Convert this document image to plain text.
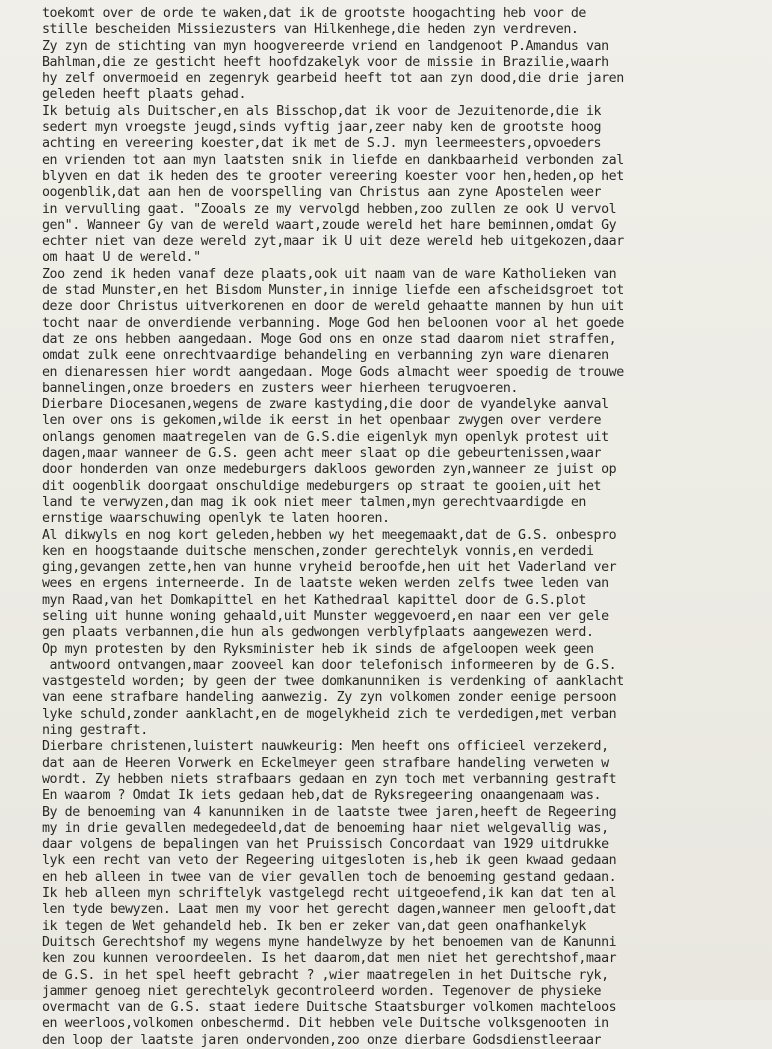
toekomt over de orde te waken,dat ik de grootste hoogachting heb voor de
stille bescheiden Missiezusters van Hilkenhege,die heden zyn verdreven.
Zy zyn de stichting van myn hoogvereerde vriend en landgenoot P.Amandus van
Bahlman,die ze gesticht heeft hoofdzakelyk voor de missie in Brazilie,waarh
hy zelf onvermoeid en zegenryk gearbeid heeft tot aan zyn dood,die drie jaren
geleden heeft plaats gehad.
Ik betuig als Duitscher,en als Bisschop,dat ik voor de Jezuitenorde,die ik
sedert myn vroegste jeugd,sinds vyftig jaar,zeer naby ken de grootste hoog
achting en vereering koester,dat ik met de S.J. myn leermeesters,opvoeders
en vrienden tot aan myn laatsten snik in liefde en dankbaarheid verbonden zal
blyven en dat ik heden des te grooter vereering koester voor hen,heden,op het
oogenblik,dat aan hen de voorspelling van Christus aan zyne Apostelen weer
in vervulling gaat. "Zooals ze my vervolgd hebben,zoo zullen ze ook U vervol
gen". Wanneer Gy van de wereld waart,zoude wereld het hare beminnen,omdat Gy
echter niet van deze wereld zyt,maar ik U uit deze wereld heb uitgekozen,daar
om haat U de wereld."
Zoo zend ik heden vanaf deze plaats,ook uit naam van de ware Katholieken van
de stad Munster,en het Bisdom Munster,in innige liefde een afscheidsgroet tot
deze door Christus uitverkorenen en door de wereld gehaatte mannen by hun uit
tocht naar de onverdiende verbanning. Moge God hen beloonen voor al het goede
dat ze ons hebben aangedaan. Moge God ons en onze stad daarom niet straffen,
omdat zulk eene onrechtvaardige behandeling en verbanning zyn ware dienaren
en dienaressen hier wordt aangedaan. Moge Gods almacht weer spoedig de trouwe
bannelingen,onze broeders en zusters weer hierheen terugvoeren.
Dierbare Diocesanen,wegens de zware kastyding,die door de vyandelyke aanval
len over ons is gekomen,wilde ik eerst in het openbaar zwygen over verdere
onlangs genomen maatregelen van de G.S.die eigenlyk myn openlyk protest uit
dagen,maar wanneer de G.S. geen acht meer slaat op die gebeurtenissen,waar
door honderden van onze medeburgers dakloos geworden zyn,wanneer ze juist op
dit oogenblik doorgaat onschuldige medeburgers op straat te gooien,uit het
land te verwyzen,dan mag ik ook niet meer talmen,myn gerechtvaardigde en
ernstige waarschuwing openlyk te laten hooren.
Al dikwyls en nog kort geleden,hebben wy het meegemaakt,dat de G.S. onbespro
ken en hoogstaande duitsche menschen,zonder gerechtelyk vonnis,en verdedi
ging,gevangen zette,hen van hunne vryheid beroofde,hen uit het Vaderland ver
wees en ergens interneerde. In de laatste weken werden zelfs twee leden van
myn Raad,van het Domkapittel en het Kathedraal kapittel door de G.S.plot
seling uit hunne woning gehaald,uit Munster weggevoerd,en naar een ver gele
gen plaats verbannen,die hun als gedwongen verblyfplaats aangewezen werd.
Op myn protesten by den Ryksminister heb ik sinds de afgeloopen week geen
antwoord ontvangen,maar zooveel kan door telefonisch informeeren by de G.S.
vastgesteld worden; by geen der twee domkanunniken is verdenking of aanklacht
van eene strafbare handeling aanwezig. Zy zyn volkomen zonder eenige persoon
lyke schuld,zonder aanklacht,en de mogelykheid zich te verdedigen,met verban
ning gestraft.
Dierbare christenen,luistert nauwkeurig: Men heeft ons officieel verzekerd,
dat aan de Heeren Vorwerk en Eckelmeyer geen strafbare handeling verweten w
wordt. Zy hebben niets strafbaars gedaan en zyn toch met verbanning gestraft
En waarom ? Omdat Ik iets gedaan heb,dat de Ryksregeering onaangenaam was.
By de benoeming van 4 kanunniken in de laatste twee jaren,heeft de Regeering
my in drie gevallen medegedeeld,dat de benoeming haar niet welgevallig was,
daar volgens de bepalingen van het Pruissisch Concordaat van 1929 uitdrukke
lyk een recht van veto der Regeering uitgesloten is,heb ik geen kwaad gedaan
en heb alleen in twee van de vier gevallen toch de benoeming gestand gedaan.
Ik heb alleen myn schriftelyk vastgelegd recht uitgeoefend,ik kan dat ten al
len tyde bewyzen. Laat men my voor het gerecht dagen,wanneer men gelooft,dat
ik tegen de Wet gehandeld heb. Ik ben er zeker van,dat geen onafhankelyk
Duitsch Gerechtshof my wegens myne handelwyze by het benoemen van de Kanunni
ken zou kunnen veroordeelen. Is het daarom,dat men niet het gerechtshof,maar
de G.S. in het spel heeft gebracht ? ,wier maatregelen in het Duitsche ryk,
jammer genoeg niet gerechtelyk gecontroleerd worden. Tegenover de physieke
overmacht van de G.S. staat iedere Duitsche Staatsburger volkomen machteloos
en weerloos,volkomen onbeschermd. Dit hebben vele Duitsche volksgenooten in
den loop der laatste jaren ondervonden,zoo onze dierbare Godsdienstleeraar
